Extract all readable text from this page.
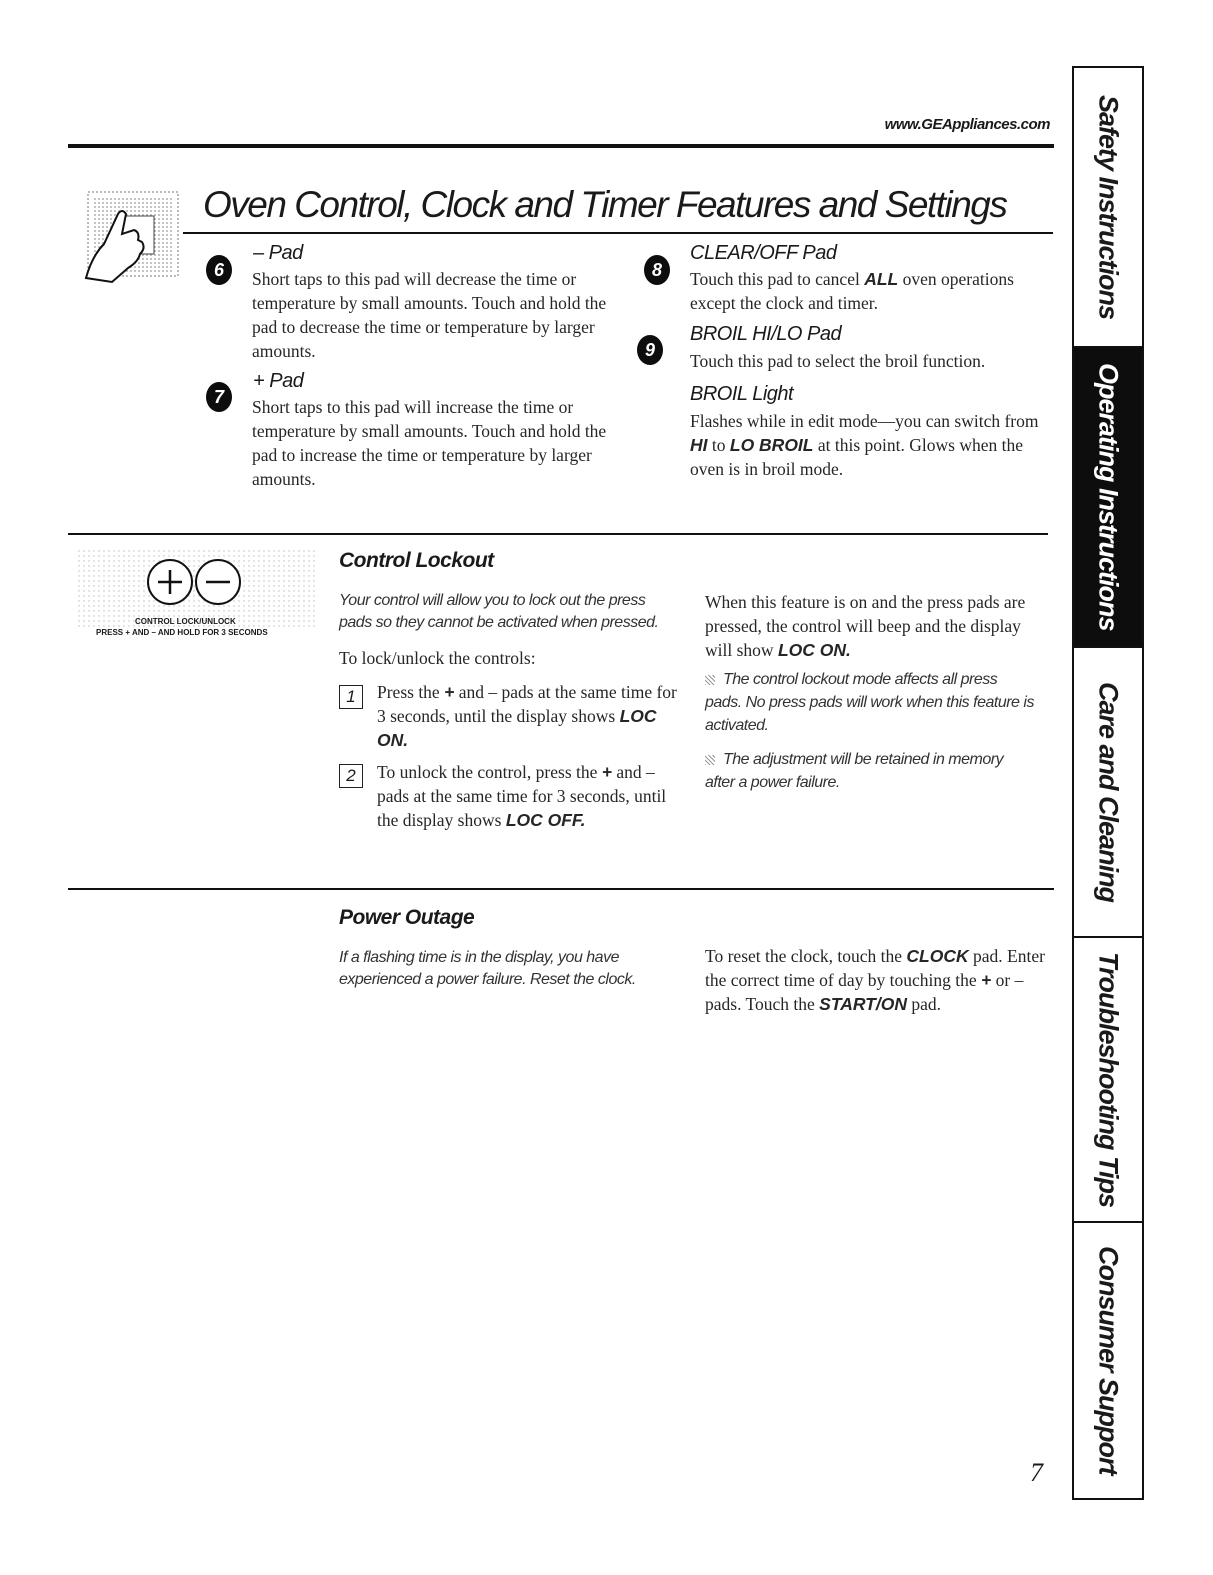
www.GEAppliances.com
Oven Control, Clock and Timer Features and Settings
6
– Pad
Short taps to this pad will decrease the time or temperature by small amounts. Touch and hold the pad to decrease the time or temperature by larger amounts.
7
+ Pad
Short taps to this pad will increase the time or temperature by small amounts. Touch and hold the pad to increase the time or temperature by larger amounts.
8
CLEAR/OFF Pad
Touch this pad to cancel ALL oven operations except the clock and timer.
9
BROIL HI/LO Pad
Touch this pad to select the broil function.
BROIL Light
Flashes while in edit mode—you can switch from HI to LO BROIL at this point. Glows when the oven is in broil mode.
CONTROL LOCK/UNLOCK
PRESS + AND – AND HOLD FOR 3 SECONDS
Control Lockout
Your control will allow you to lock out the press pads so they cannot be activated when pressed.
To lock/unlock the controls:
1	Press the + and – pads at the same time for 3 seconds, until the display shows LOC ON.
2	To unlock the control, press the + and – pads at the same time for 3 seconds, until the display shows LOC OFF.
When this feature is on and the press pads are pressed, the control will beep and the display will show LOC ON.
The control lockout mode affects all press pads. No press pads will work when this feature is activated.
The adjustment will be retained in memory after a power failure.
Power Outage
If a flashing time is in the display, you have experienced a power failure. Reset the clock.
To reset the clock, touch the CLOCK pad. Enter the correct time of day by touching the + or – pads. Touch the START/ON pad.
Safety Instructions
Operating Instructions
Care and Cleaning
Troubleshooting Tips
Consumer Support
7
